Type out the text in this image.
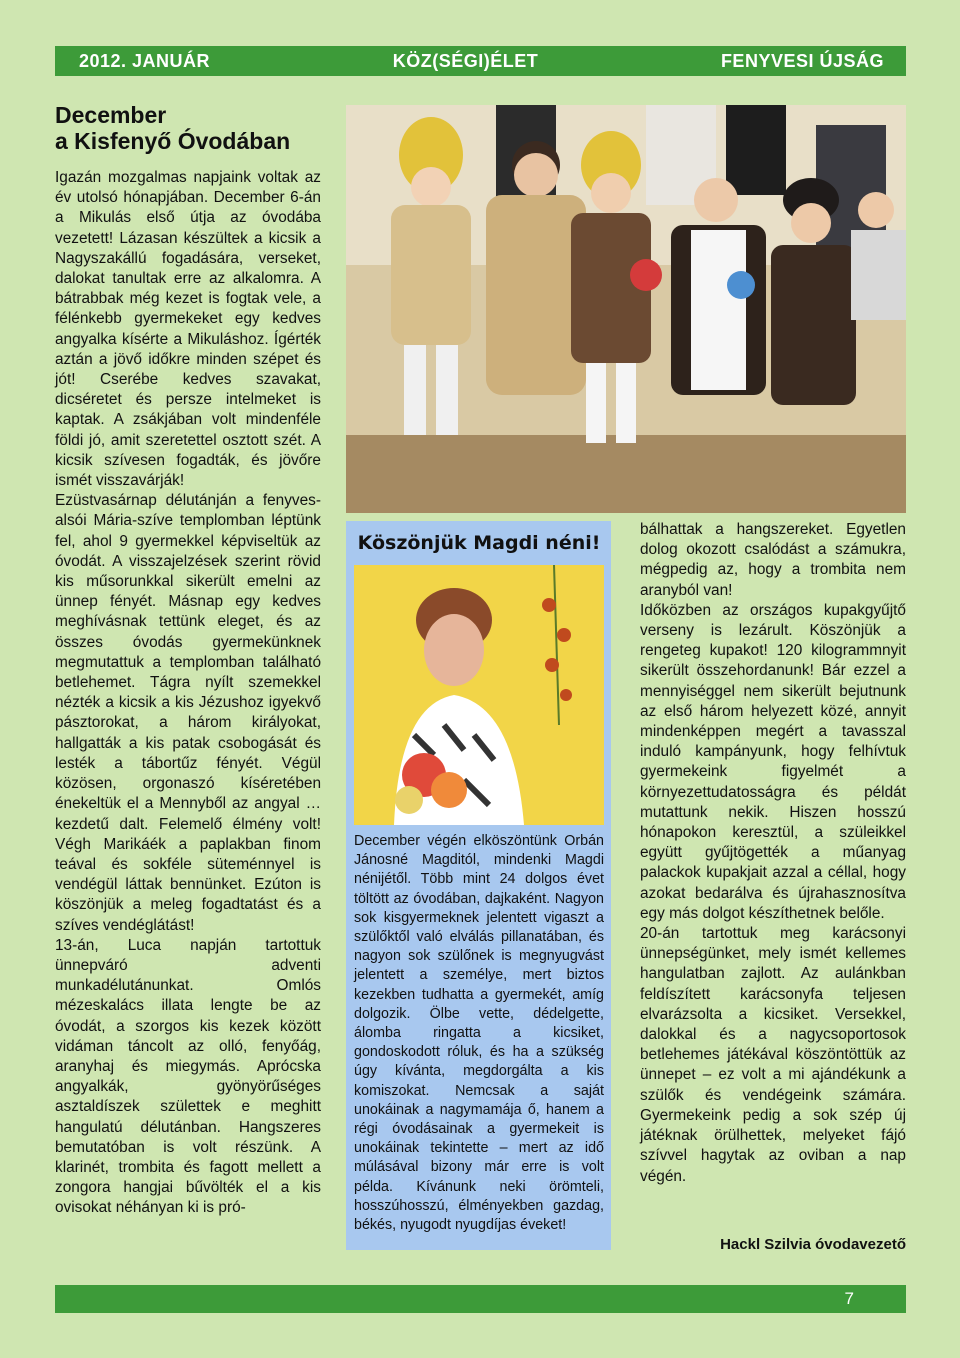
2012. JANUÁR	KÖZ(SÉGI)ÉLET	FENYVESI ÚJSÁG
December
a Kisfenyő Óvodában

Igazán mozgalmas napjaink voltak az év utolsó hónapjában. December 6-án a Mikulás első útja az óvodába vezetett! Lázasan készültek a kicsik a Nagyszakállú fogadására, verseket, dalokat tanultak erre az alkalomra. A bátrabbak még kezet is fogtak vele, a félénkebb gyermekeket egy kedves angyalka kísérte a Mikuláshoz. Ígérték aztán a jövő időkre minden szépet és jót! Cserébe kedves szavakat, dicséretet és persze intelmeket is kaptak. A zsákjában volt mindenféle földi jó, amit szeretettel osztott szét. A kicsik szívesen fogadták, és jövőre ismét visszavárják!

Ezüstvasárnap délutánján a fenyves-alsói Mária-szíve templomban léptünk fel, ahol 9 gyermekkel képviseltük az óvodát. A visszajelzések szerint rövid kis műsorunkkal sikerült emelni az ünnep fényét. Másnap egy kedves meghívásnak tettünk eleget, és az összes óvodás gyermekünknek megmutattuk a templomban található betlehemet. Tágra nyílt szemekkel nézték a kicsik a kis Jézushoz igyekvő pásztorokat, a három királyokat, hallgatták a kis patak csobogását és lesték a tábortűz fényét. Végül közösen, orgonaszó kíséretében énekeltük el a Mennyből az angyal … kezdetű dalt. Felemelő élmény volt! Végh Marikáék a paplakban finom teával és sokféle süteménnyel is vendégül láttak bennünket. Ezúton is köszönjük a meleg fogadtatást és a szíves vendéglátást!

13-án, Luca napján tartottuk ünnepváró adventi munkadélutánunkat. Omlós mézeskalács illata lengte be az óvodát, a szorgos kis kezek között vidáman táncolt az olló, fenyőág, aranyhaj és miegymás. Aprócska angyalkák, gyönyörűséges asztaldíszek születtek e meghitt hangulatú délutánban. Hangszeres bemutatóban is volt részünk. A klarinét, trombita és fagott mellett a zongora hangjai bűvölték el a kis ovisokat néhányan ki is pró-

Köszönjük Magdi néni!

December végén elköszöntünk Orbán Jánosné Magditól, mindenki Magdi nénijétől. Több mint 24 dolgos évet töltött az óvodában, dajkaként. Nagyon sok kisgyermeknek jelentett vigaszt a szülőktől való elválás pillanatában, és nagyon sok szülőnek is megnyugvást jelentett a személye, mert biztos kezekben tudhatta a gyermekét, amíg dolgozik. Ölbe vette, dédelgette, álomba ringatta a kicsiket, gondoskodott róluk, és ha a szükség úgy kívánta, megdorgálta a kis komiszokat. Nemcsak a saját unokáinak a nagymamája ő, hanem a régi óvodásainak a gyermekeit is unokáinak tekintette – mert az idő múlásával bizony már erre is volt példa. Kívánunk neki örömteli, hosszúhosszú, élményekben gazdag, békés, nyugodt nyugdíjas éveket!

bálhattak a hangszereket. Egyetlen dolog okozott csalódást a számukra, mégpedig az, hogy a trombita nem aranyból van!

Időközben az országos kupakgyűjtő verseny is lezárult. Köszönjük a rengeteg kupakot! 120 kilogrammnyit sikerült összehordanunk! Bár ezzel a mennyiséggel nem sikerült bejutnunk az első három helyezett közé, annyit mindenképpen megért a tavasszal induló kampányunk, hogy felhívtuk gyermekeink figyelmét a környezettudatosságra és példát mutattunk nekik. Hiszen hosszú hónapokon keresztül, a szüleikkel együtt gyűjtögették a műanyag palackok kupakjait azzal a céllal, hogy azokat bedarálva és újrahasznosítva egy más dolgot készíthetnek belőle.

20-án tartottuk meg karácsonyi ünnepségünket, mely ismét kellemes hangulatban zajlott. Az aulánkban feldíszített karácsonyfa teljesen elvarázsolta a kicsiket. Versekkel, dalokkal és a nagycsoportosok betlehemes játékával köszöntöttük az ünnepet – ez volt a mi ajándékunk a szülők és vendégeink számára. Gyermekeink pedig a sok szép új játéknak örülhettek, melyeket fájó szívvel hagytak az oviban a nap végén.

Hackl Szilvia óvodavezető
7
